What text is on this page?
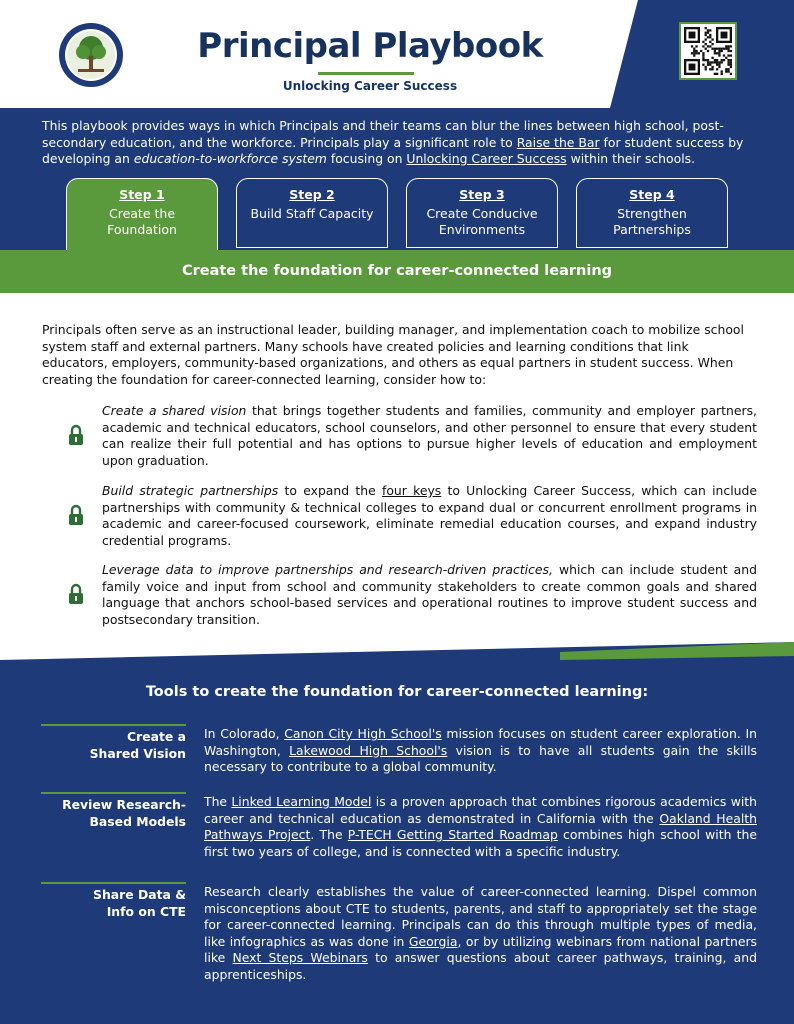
Principal Playbook
Unlocking Career Success

This playbook provides ways in which Principals and their teams can blur the lines between high school, post-secondary education, and the workforce. Principals play a significant role to Raise the Bar for student success by developing an education-to-workforce system focusing on Unlocking Career Success within their schools.

Step 1
Create the Foundation
Step 2
Build Staff Capacity
Step 3
Create Conducive Environments
Step 4
Strengthen Partnerships
Create the foundation for career-connected learning

Principals often serve as an instructional leader, building manager, and implementation coach to mobilize school system staff and external partners. Many schools have created policies and learning conditions that link educators, employers, community-based organizations, and others as equal partners in student success. When creating the foundation for career-connected learning, consider how to:

Create a shared vision that brings together students and families, community and employer partners, academic and technical educators, school counselors, and other personnel to ensure that every student can realize their full potential and has options to pursue higher levels of education and employment upon graduation.

Build strategic partnerships to expand the four keys to Unlocking Career Success, which can include partnerships with community & technical colleges to expand dual or concurrent enrollment programs in academic and career-focused coursework, eliminate remedial education courses, and expand industry credential programs.

Leverage data to improve partnerships and research-driven practices, which can include student and family voice and input from school and community stakeholders to create common goals and shared language that anchors school-based services and operational routines to improve student success and postsecondary transition.

Tools to create the foundation for career-connected learning:
Create a
Shared Vision

In Colorado, Canon City High School's mission focuses on student career exploration. In Washington, Lakewood High School's vision is to have all students gain the skills necessary to contribute to a global community.

Review Research-
Based Models

The Linked Learning Model is a proven approach that combines rigorous academics with career and technical education as demonstrated in California with the Oakland Health Pathways Project. The P-TECH Getting Started Roadmap combines high school with the first two years of college, and is connected with a specific industry.

Share Data &
Info on CTE

Research clearly establishes the value of career-connected learning. Dispel common misconceptions about CTE to students, parents, and staff to appropriately set the stage for career-connected learning. Principals can do this through multiple types of media, like infographics as was done in Georgia, or by utilizing webinars from national partners like Next Steps Webinars to answer questions about career pathways, training, and apprenticeships.
